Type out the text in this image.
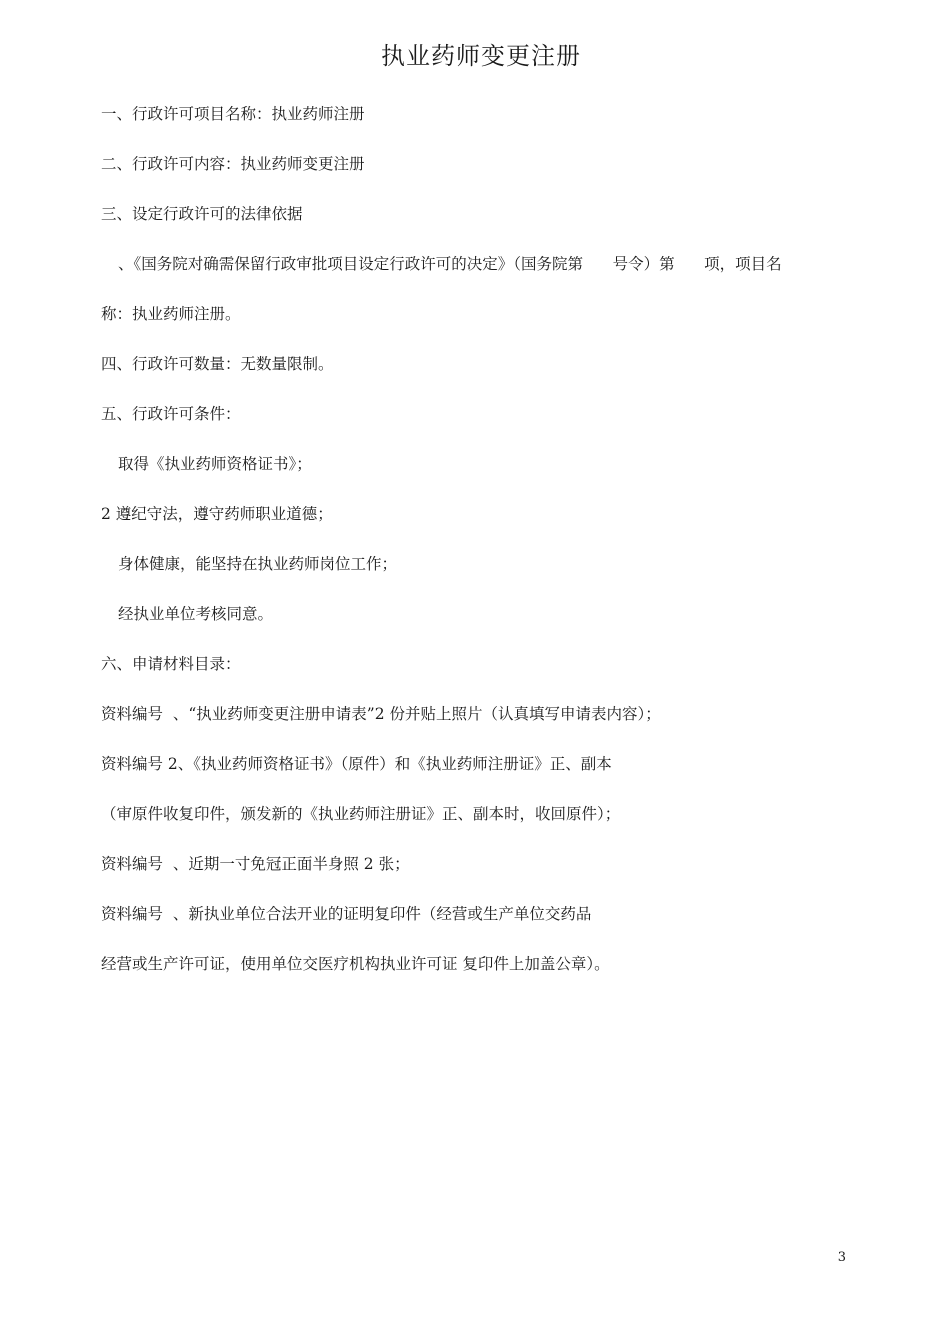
执业药师变更注册

一、行政许可项目名称：执业药师注册

二、行政许可内容：执业药师变更注册

三、设定行政许可的法律依据

、《国务院对确需保留行政审批项目设定行政许可的决定》（国务院第      号令）第      项，项目名

称：执业药师注册。

四、行政许可数量：无数量限制。

五、行政许可条件：

取得《执业药师资格证书》；

2 遵纪守法，遵守药师职业道德；

身体健康，能坚持在执业药师岗位工作；

经执业单位考核同意。

六、申请材料目录：

资料编号  、“执业药师变更注册申请表”2 份并贴上照片（认真填写申请表内容）；

资料编号 2、《执业药师资格证书》（原件）和《执业药师注册证》正、副本

（审原件收复印件，颁发新的《执业药师注册证》正、副本时，收回原件）；

资料编号  、近期一寸免冠正面半身照 2 张；

资料编号  、新执业单位合法开业的证明复印件（经营或生产单位交药品

经营或生产许可证，使用单位交医疗机构执业许可证 复印件上加盖公章）。

3
